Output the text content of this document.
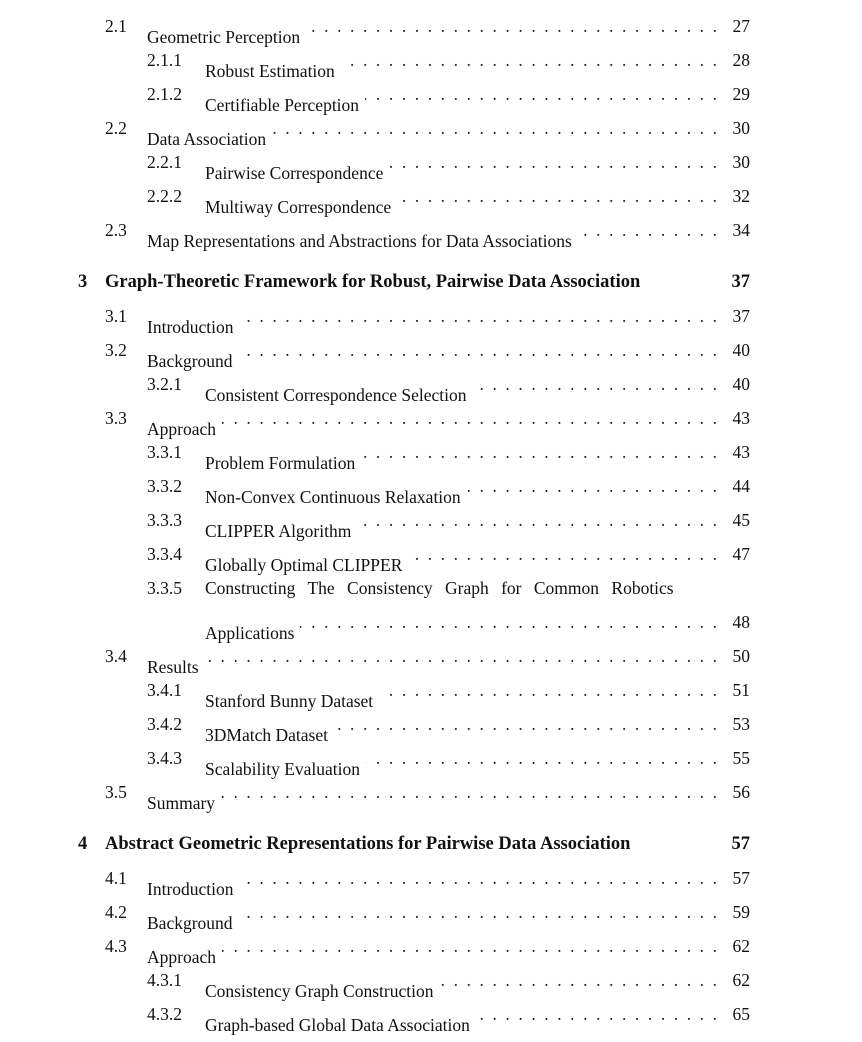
2.1
Geometric Perception
. . .
27
2.1.1
Robust Estimation
. . .
28
2.1.2
Certifiable Perception
. . .
29
2.2
Data Association
. . .
30
2.2.1
Pairwise Correspondence
. . .
30
2.2.2
Multiway Correspondence
. . .
32
2.3
Map Representations and Abstractions for Data Associations
. . .
34
3 Graph-Theoretic Framework for Robust, Pairwise Data Association	37
3.1
Introduction
. . .
37
3.2
Background
. . .
40
3.2.1
Consistent Correspondence Selection
. . .
40
3.3
Approach
. . .
43
3.3.1
Problem Formulation
. . .
43
3.3.2
Non-Convex Continuous Relaxation
. . .
44
3.3.3
CLIPPER Algorithm
. . .
45
3.3.4
Globally Optimal CLIPPER
. . .
47
3.3.5 Constructing The Consistency Graph for Common Robotics
Applications
. . .
48
3.4
Results
. . .
50
3.4.1
Stanford Bunny Dataset
. . .
51
3.4.2
3DMatch Dataset
. . .
53
3.4.3
Scalability Evaluation
. . .
55
3.5
Summary
. . .
56
4 Abstract Geometric Representations for Pairwise Data Association	57
4.1
Introduction
. . .
57
4.2
Background
. . .
59
4.3
Approach
. . .
62
4.3.1
Consistency Graph Construction
. . .
62
4.3.2
Graph-based Global Data Association
. . .
65
